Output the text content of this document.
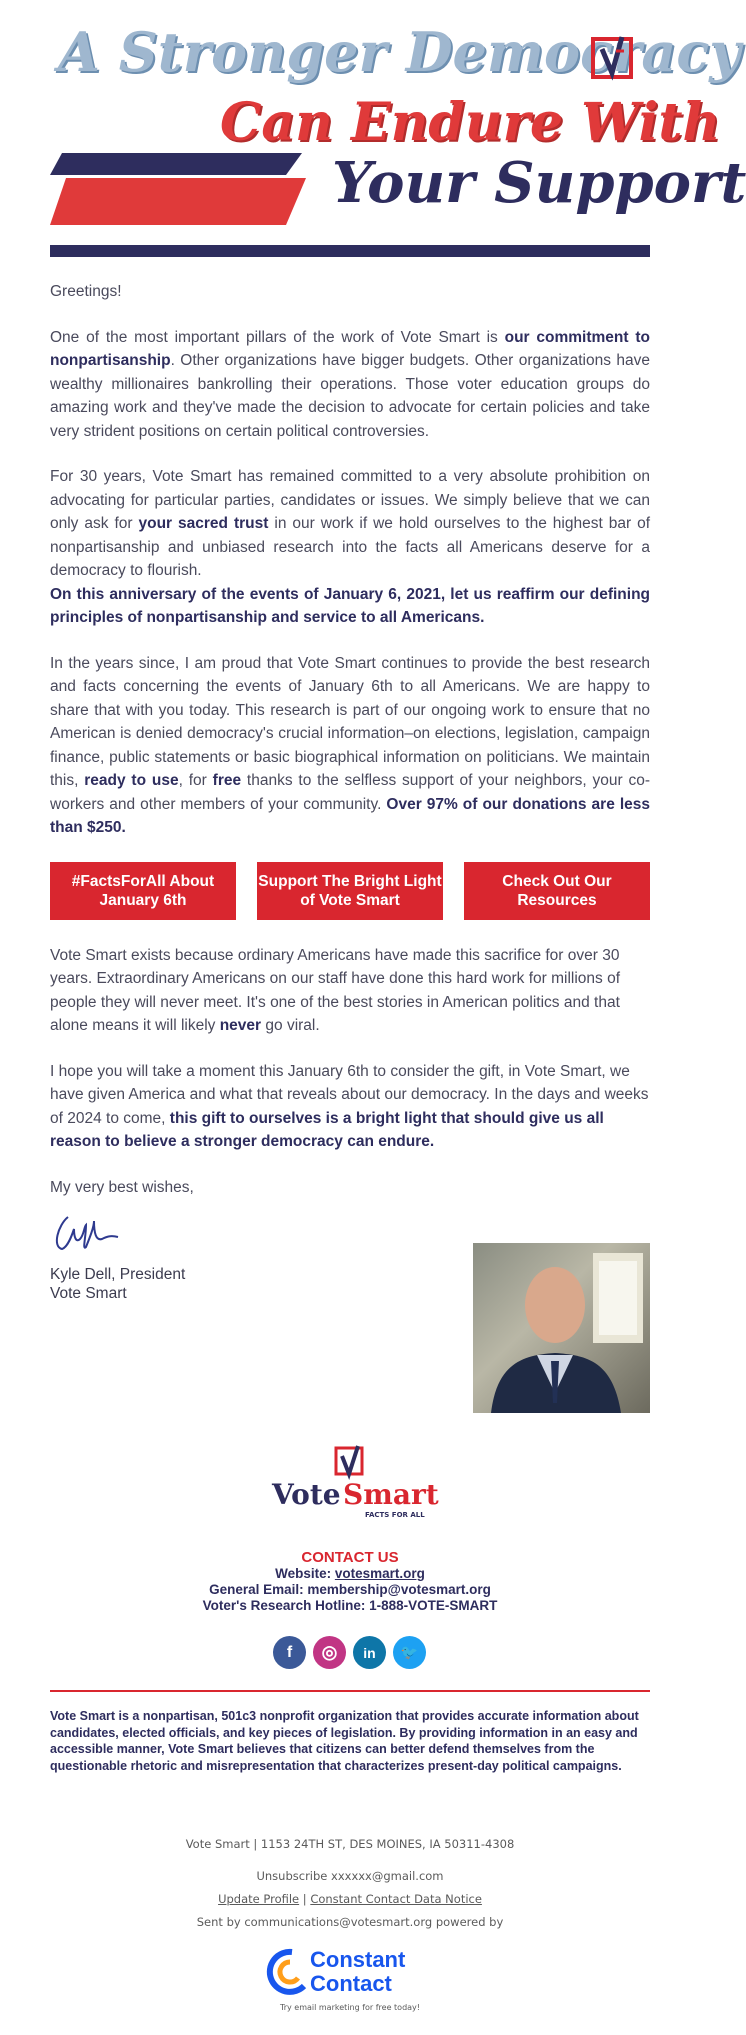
A Stronger Democracy
Can Endure With
Your Support

Greetings!

One of the most important pillars of the work of Vote Smart is our commitment to nonpartisanship. Other organizations have bigger budgets. Other organizations have wealthy millionaires bankrolling their operations. Those voter education groups do amazing work and they've made the decision to advocate for certain policies and take very strident positions on certain political controversies.

For 30 years, Vote Smart has remained committed to a very absolute prohibition on advocating for particular parties, candidates or issues. We simply believe that we can only ask for your sacred trust in our work if we hold ourselves to the highest bar of nonpartisanship and unbiased research into the facts all Americans deserve for a democracy to flourish.

On this anniversary of the events of January 6, 2021, let us reaffirm our defining principles of nonpartisanship and service to all Americans.

In the years since, I am proud that Vote Smart continues to provide the best research and facts concerning the events of January 6th to all Americans. We are happy to share that with you today. This research is part of our ongoing work to ensure that no American is denied democracy's crucial information–on elections, legislation, campaign finance, public statements or basic biographical information on politicians. We maintain this, ready to use, for free thanks to the selfless support of your neighbors, your co-workers and other members of your community. Over 97% of our donations are less than $250.

#FactsForAll About January 6th
Support The Bright Light of Vote Smart
Check Out Our Resources

Vote Smart exists because ordinary Americans have made this sacrifice for over 30 years. Extraordinary Americans on our staff have done this hard work for millions of people they will never meet. It's one of the best stories in American politics and that alone means it will likely never go viral.

I hope you will take a moment this January 6th to consider the gift, in Vote Smart, we have given America and what that reveals about our democracy. In the days and weeks of 2024 to come, this gift to ourselves is a bright light that should give us all reason to believe a stronger democracy can endure.

My very best wishes,

Kyle Dell, President
Vote Smart
Vote Smart
FACTS FOR ALL
CONTACT US
Website: votesmart.org
General Email: membership@votesmart.org
Voter's Research Hotline: 1-888-VOTE-SMART
f	◎	in	🐦
Vote Smart is a nonpartisan, 501c3 nonprofit organization that provides accurate information about candidates, elected officials, and key pieces of legislation. By providing information in an easy and accessible manner, Vote Smart believes that citizens can better defend themselves from the questionable rhetoric and misrepresentation that characterizes present-day political campaigns.
Vote Smart | 1153 24TH ST, DES MOINES, IA 50311-4308
Unsubscribe xxxxxx@gmail.com
Update Profile | Constant Contact Data Notice
Sent by communications@votesmart.org powered by
Constant
Contact
Try email marketing for free today!
